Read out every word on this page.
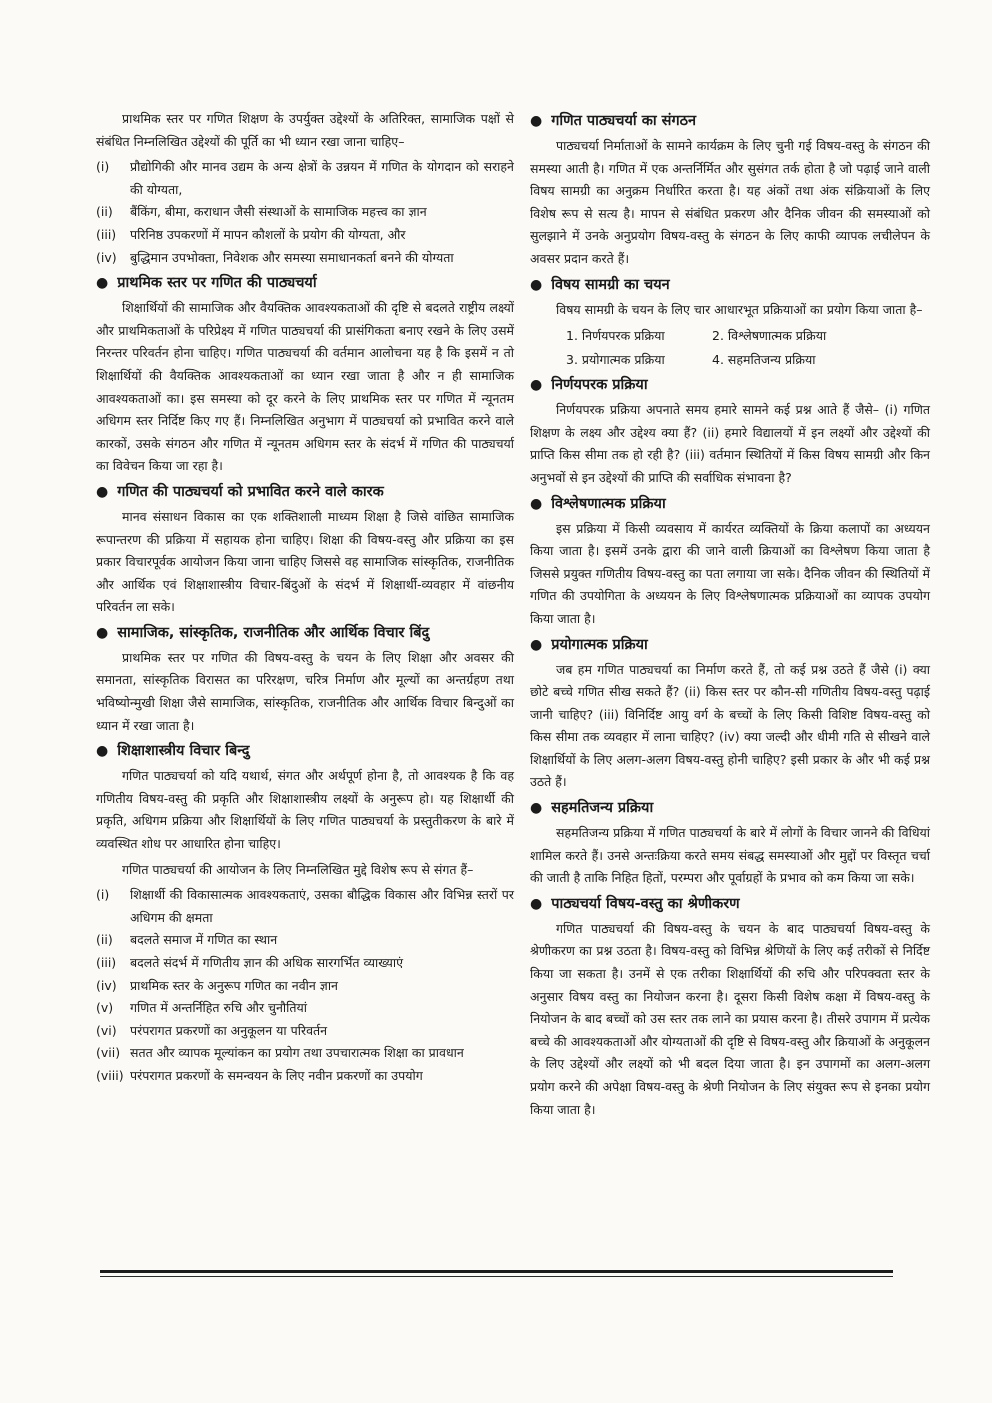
प्राथमिक स्तर पर गणित शिक्षण के उपर्युक्त उद्देश्यों के अतिरिक्त, सामाजिक पक्षों से संबंधित निम्नलिखित उद्देश्यों की पूर्ति का भी ध्यान रखा जाना चाहिए–

(i)	प्रौद्योगिकी और मानव उद्यम के अन्य क्षेत्रों के उन्नयन में गणित के योगदान को सराहने की योग्यता,
(ii)	बैंकिंग, बीमा, कराधान जैसी संस्थाओं के सामाजिक महत्त्व का ज्ञान
(iii)	परिनिष्ठ उपकरणों में मापन कौशलों के प्रयोग की योग्यता, और
(iv)	बुद्धिमान उपभोक्ता, निवेशक और समस्या समाधानकर्ता बनने की योग्यता
● प्राथमिक स्तर पर गणित की पाठ्यचर्या

शिक्षार्थियों की सामाजिक और वैयक्तिक आवश्यकताओं की दृष्टि से बदलते राष्ट्रीय लक्ष्यों और प्राथमिकताओं के परिप्रेक्ष्य में गणित पाठ्यचर्या की प्रासंगिकता बनाए रखने के लिए उसमें निरन्तर परिवर्तन होना चाहिए। गणित पाठ्यचर्या की वर्तमान आलोचना यह है कि इसमें न तो शिक्षार्थियों की वैयक्तिक आवश्यकताओं का ध्यान रखा जाता है और न ही सामाजिक आवश्यकताओं का। इस समस्या को दूर करने के लिए प्राथमिक स्तर पर गणित में न्यूनतम अधिगम स्तर निर्दिष्ट किए गए हैं। निम्नलिखित अनुभाग में पाठ्यचर्या को प्रभावित करने वाले कारकों, उसके संगठन और गणित में न्यूनतम अधिगम स्तर के संदर्भ में गणित की पाठ्यचर्या का विवेचन किया जा रहा है।

● गणित की पाठ्यचर्या को प्रभावित करने वाले कारक

मानव संसाधन विकास का एक शक्तिशाली माध्यम शिक्षा है जिसे वांछित सामाजिक रूपान्तरण की प्रक्रिया में सहायक होना चाहिए। शिक्षा की विषय-वस्तु और प्रक्रिया का इस प्रकार विचारपूर्वक आयोजन किया जाना चाहिए जिससे वह सामाजिक सांस्कृतिक, राजनीतिक और आर्थिक एवं शिक्षाशास्त्रीय विचार-बिंदुओं के संदर्भ में शिक्षार्थी-व्यवहार में वांछनीय परिवर्तन ला सके।

● सामाजिक, सांस्कृतिक, राजनीतिक और आर्थिक विचार बिंदु

प्राथमिक स्तर पर गणित की विषय-वस्तु के चयन के लिए शिक्षा और अवसर की समानता, सांस्कृतिक विरासत का परिरक्षण, चरित्र निर्माण और मूल्यों का अन्तर्ग्रहण तथा भविष्योन्मुखी शिक्षा जैसे सामाजिक, सांस्कृतिक, राजनीतिक और आर्थिक विचार बिन्दुओं का ध्यान में रखा जाता है।

● शिक्षाशास्त्रीय विचार बिन्दु

गणित पाठ्यचर्या को यदि यथार्थ, संगत और अर्थपूर्ण होना है, तो आवश्यक है कि वह गणितीय विषय-वस्तु की प्रकृति और शिक्षाशास्त्रीय लक्ष्यों के अनुरूप हो। यह शिक्षार्थी की प्रकृति, अधिगम प्रक्रिया और शिक्षार्थियों के लिए गणित पाठ्यचर्या के प्रस्तुतीकरण के बारे में व्यवस्थित शोध पर आधारित होना चाहिए।

गणित पाठ्यचर्या की आयोजन के लिए निम्नलिखित मुद्दे विशेष रूप से संगत हैं–

(i)	शिक्षार्थी की विकासात्मक आवश्यकताएं, उसका बौद्धिक विकास और विभिन्न स्तरों पर अधिगम की क्षमता
(ii)	बदलते समाज में गणित का स्थान
(iii)	बदलते संदर्भ में गणितीय ज्ञान की अधिक सारगर्भित व्याख्याएं
(iv)	प्राथमिक स्तर के अनुरूप गणित का नवीन ज्ञान
(v)	गणित में अन्तर्निहित रुचि और चुनौतियां
(vi)	परंपरागत प्रकरणों का अनुकूलन या परिवर्तन
(vii) सतत और व्यापक मूल्यांकन का प्रयोग तथा उपचारात्मक शिक्षा का प्रावधान
(viii) परंपरागत प्रकरणों के समन्वयन के लिए नवीन प्रकरणों का उपयोग
● गणित पाठ्यचर्या का संगठन

पाठ्यचर्या निर्माताओं के सामने कार्यक्रम के लिए चुनी गई विषय-वस्तु के संगठन की समस्या आती है। गणित में एक अन्तर्निर्मित और सुसंगत तर्क होता है जो पढ़ाई जाने वाली विषय सामग्री का अनुक्रम निर्धारित करता है। यह अंकों तथा अंक संक्रियाओं के लिए विशेष रूप से सत्य है। मापन से संबंधित प्रकरण और दैनिक जीवन की समस्याओं को सुलझाने में उनके अनुप्रयोग विषय-वस्तु के संगठन के लिए काफी व्यापक लचीलेपन के अवसर प्रदान करते हैं।

● विषय सामग्री का चयन

विषय सामग्री के चयन के लिए चार आधारभूत प्रक्रियाओं का प्रयोग किया जाता है–

1. निर्णयपरक प्रक्रिया	2. विश्लेषणात्मक प्रक्रिया
3. प्रयोगात्मक प्रक्रिया	4. सहमतिजन्य प्रक्रिया
● निर्णयपरक प्रक्रिया

निर्णयपरक प्रक्रिया अपनाते समय हमारे सामने कई प्रश्न आते हैं जैसे– (i) गणित शिक्षण के लक्ष्य और उद्देश्य क्या हैं? (ii) हमारे विद्यालयों में इन लक्ष्यों और उद्देश्यों की प्राप्ति किस सीमा तक हो रही है? (iii) वर्तमान स्थितियों में किस विषय सामग्री और किन अनुभवों से इन उद्देश्यों की प्राप्ति की सर्वाधिक संभावना है?

● विश्लेषणात्मक प्रक्रिया

इस प्रक्रिया में किसी व्यवसाय में कार्यरत व्यक्तियों के क्रिया कलापों का अध्ययन किया जाता है। इसमें उनके द्वारा की जाने वाली क्रियाओं का विश्लेषण किया जाता है जिससे प्रयुक्त गणितीय विषय-वस्तु का पता लगाया जा सके। दैनिक जीवन की स्थितियों में गणित की उपयोगिता के अध्ययन के लिए विश्लेषणात्मक प्रक्रियाओं का व्यापक उपयोग किया जाता है।

● प्रयोगात्मक प्रक्रिया

जब हम गणित पाठ्यचर्या का निर्माण करते हैं, तो कई प्रश्न उठते हैं जैसे (i) क्या छोटे बच्चे गणित सीख सकते हैं? (ii) किस स्तर पर कौन-सी गणितीय विषय-वस्तु पढ़ाई जानी चाहिए? (iii) विनिर्दिष्ट आयु वर्ग के बच्चों के लिए किसी विशिष्ट विषय-वस्तु को किस सीमा तक व्यवहार में लाना चाहिए? (iv) क्या जल्दी और धीमी गति से सीखने वाले शिक्षार्थियों के लिए अलग-अलग विषय-वस्तु होनी चाहिए? इसी प्रकार के और भी कई प्रश्न उठते हैं।

● सहमतिजन्य प्रक्रिया

सहमतिजन्य प्रक्रिया में गणित पाठ्यचर्या के बारे में लोगों के विचार जानने की विधियां शामिल करते हैं। उनसे अन्तःक्रिया करते समय संबद्ध समस्याओं और मुद्दों पर विस्तृत चर्चा की जाती है ताकि निहित हितों, परम्परा और पूर्वाग्रहों के प्रभाव को कम किया जा सके।

● पाठ्यचर्या विषय-वस्तु का श्रेणीकरण

गणित पाठ्यचर्या की विषय-वस्तु के चयन के बाद पाठ्यचर्या विषय-वस्तु के श्रेणीकरण का प्रश्न उठता है। विषय-वस्तु को विभिन्न श्रेणियों के लिए कई तरीकों से निर्दिष्ट किया जा सकता है। उनमें से एक तरीका शिक्षार्थियों की रुचि और परिपक्वता स्तर के अनुसार विषय वस्तु का नियोजन करना है। दूसरा किसी विशेष कक्षा में विषय-वस्तु के नियोजन के बाद बच्चों को उस स्तर तक लाने का प्रयास करना है। तीसरे उपागम में प्रत्येक बच्चे की आवश्यकताओं और योग्यताओं की दृष्टि से विषय-वस्तु और क्रियाओं के अनुकूलन के लिए उद्देश्यों और लक्ष्यों को भी बदल दिया जाता है। इन उपागमों का अलग-अलग प्रयोग करने की अपेक्षा विषय-वस्तु के श्रेणी नियोजन के लिए संयुक्त रूप से इनका प्रयोग किया जाता है।
